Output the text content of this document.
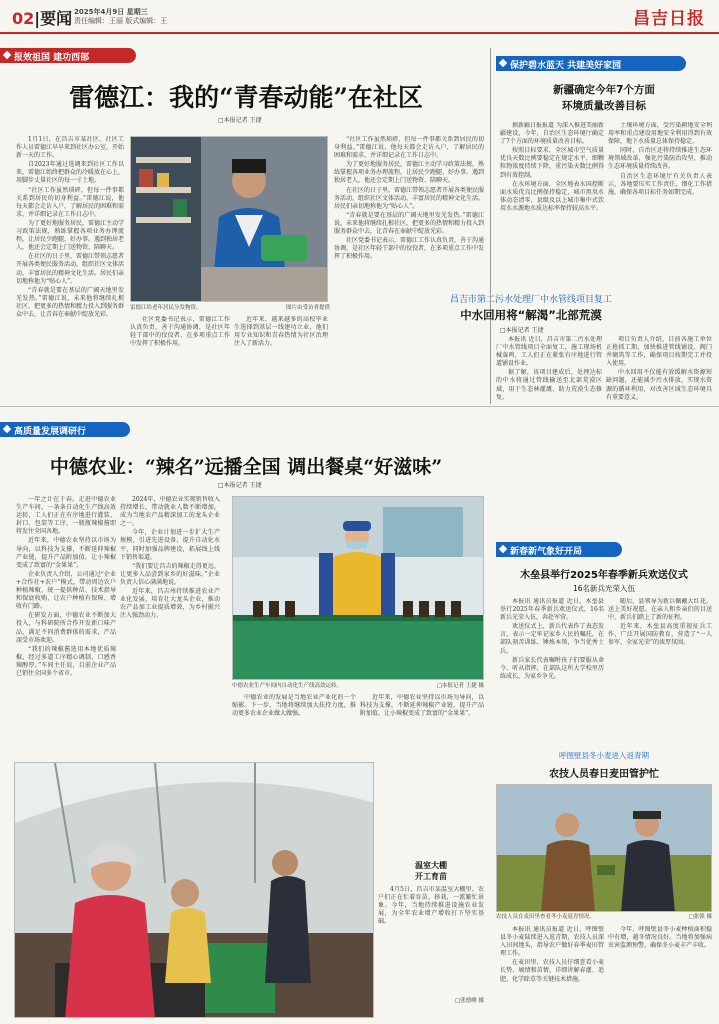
02|要闻 2025年4月9日 星期三
责任编辑：王丽 版式编辑：王	昌吉日报
报效祖国 建功西部
雷德江：我的“青春动能”在社区
□本报记者 王捷

1月1日，在昌吉市某社区，社区工作人员雷德江早早来到社区办公室，开始新一天的工作。

自2023年通过选调来到社区工作以来，雷德江始终把群众的冷暖放在心上，用脚步丈量社区的每一寸土地。

“社区工作虽然琐碎，但每一件事都关系到居民的切身利益。”雷德江说，他每天都会走访入户，了解居民的困难和需求，并详细记录在工作日志中。

为了更好地服务居民，雷德江主动学习政策法规，熟练掌握各项业务办理流程，让居民少跑腿、好办事。遇到独居老人，他还会定期上门送物资、陪聊天。

在社区的日子里，雷德江带领志愿者开展各类便民服务活动，组织社区文体活动，丰富居民的精神文化生活。居民们亲切地称他为“贴心人”。

“青春就是要在基层的广阔天地里发光发热。”雷德江说，未来他将继续扎根社区，把更多的热情和精力投入到服务群众中去，让青春在奉献中绽放光彩。

雷德江给老年居民分发物资。	图片由受访者提供

社区党委书记表示，雷德江工作认真负责，善于沟通协调，是社区年轻干部中的佼佼者，在多项重点工作中发挥了积极作用。

近年来，越来越多的高校毕业生选择到基层一线建功立业，他们用专业知识和青春热情为社区治理注入了新活力。

“社区工作虽然琐碎，但每一件事都关系到居民的切身利益。”雷德江说，他每天都会走访入户，了解居民的困难和需求，并详细记录在工作日志中。

为了更好地服务居民，雷德江主动学习政策法规，熟练掌握各项业务办理流程，让居民少跑腿、好办事。遇到独居老人，他还会定期上门送物资、陪聊天。

在社区的日子里，雷德江带领志愿者开展各类便民服务活动，组织社区文体活动，丰富居民的精神文化生活。居民们亲切地称他为“贴心人”。

“青春就是要在基层的广阔天地里发光发热。”雷德江说，未来他将继续扎根社区，把更多的热情和精力投入到服务群众中去，让青春在奉献中绽放光彩。

社区党委书记表示，雷德江工作认真负责，善于沟通协调，是社区年轻干部中的佼佼者，在多项重点工作中发挥了积极作用。

保护碧水蓝天 共建美好家园
新疆确定今年7个方面
环境质量改善目标

据新疆日报报道 为深入推进美丽新疆建设，今年，自治区生态环境厅确定了7个方面的环境质量改善目标。

按照目标要求，全区城市空气质量优良天数比例要稳定在规定水平，细颗粒物浓度持续下降，重污染天数比例得到有效控制。

在水环境方面，全区地表水国控断面水质优良比例保持稳定，城市黑臭水体动态清零，县级及以上城市集中式饮用水水源地水质达标率保持较高水平。

土壤环境方面，受污染耕地安全利用率和重点建设用地安全利用得到有效保障，地下水质量总体保持稳定。

同时，自治区还将持续推进生态环境领域改革，强化污染防治攻坚，推动生态环境质量持续改善。

自治区生态环境厅有关负责人表示，各地要压实工作责任，细化工作措施，确保各项目标任务如期完成。

昌吉市第二污水处理厂中水管线项目复工
中水回用将“解渴”北部荒漠
□本报记者 王捷

本报讯 近日，昌吉市第二污水处理厂中水管线项目全面复工，施工现场机械轰鸣，工人们正在紧张有序地进行管道铺设作业。

据了解，该项目建成后，处理达标的中水将通过管线输送至北部荒漠区域，用于生态林灌溉，助力荒漠生态修复。

项目负责人介绍，目前各施工单位正抢抓工期，加快推进管线铺设、阀门井砌筑等工作，确保项目按期完工并投入使用。

中水回用不仅能有效缓解水资源短缺问题，还能减少污水排放，实现水资源的循环利用，对改善区域生态环境具有重要意义。

高质量发展调研行
中德农业：“辣名”远播全国 调出餐桌“好滋味”
□本报记者 王捷

一年之计在于春。走进中德农业生产车间，一条条自动化生产线高效运转，工人们正在有序地进行灌装、封口、包装等工序，一瓶瓶辣椒酱即将发往全国各地。

近年来，中德农业坚持以市场为导向，以科技为支撑，不断延伸辣椒产业链，提升产品附加值，让小辣椒变成了致富的“金果果”。

企业负责人介绍，公司通过“企业+合作社+农户”模式，带动周边农户种植辣椒，统一提供种苗、技术指导和保底收购，让农户种植有保障、增收有门路。

在研发方面，中德农业不断加大投入，与科研院所合作开发新口味产品，满足不同消费群体的需求，产品深受市场欢迎。

“我们的辣椒酱选用本地优质辣椒，经过多道工序精心调制，口感香辣醇厚。”车间主任说，目前企业产品已销往全国多个省市。

2024年，中德农业实现销售收入持续增长，带动就业人数不断增加，成为当地农产品精深加工的龙头企业之一。

今年，企业计划进一步扩大生产规模，引进先进设备，提升自动化水平，同时加强品牌建设，拓展线上线下销售渠道。

“我们要让昌吉的辣椒走得更远，让更多人品尝到家乡的好滋味。”企业负责人信心满满地说。

近年来，昌吉州持续推进农业产业化发展，培育壮大龙头企业，推动农产品加工业提质增效，为乡村振兴注入强劲动力。

中德农业生产车间内自动化生产线高效运转。	□本报记者 王捷 摄

中德农业的发展是当地农业产业化的一个缩影。下一步，当地将继续加大扶持力度，推动更多农业企业做大做强。

近年来，中德农业坚持以市场为导向，以科技为支撑，不断延伸辣椒产业链，提升产品附加值，让小辣椒变成了致富的“金果果”。

新春新气象好开局
木垒县举行2025年春季新兵欢送仪式
16名新兵光荣入伍

本报讯 通讯员报道 近日，木垒县举行2025年春季新兵欢送仪式，16名新兵光荣入伍，奔赴军营。

欢送仪式上，新兵代表作了表态发言，表示一定牢记家乡人民的嘱托，在部队刻苦训练、锤炼本领，争当优秀士兵。

新兵家长代表嘱咐孩子们要服从命令、听从指挥，在部队这所大学校里历练成长，为家乡争光。

随后，县领导为新兵佩戴大红花，送上美好祝愿。在亲人和乡亲们的目送中，新兵们踏上了新的征程。

近年来，木垒县高度重视征兵工作，广泛开展国防教育，营造了“一人参军、全家光荣”的浓厚氛围。

温室大棚
开工育苗

4月5日，昌吉市某温室大棚里，农户们正在忙着育苗、移栽，一派繁忙景象。今年，当地持续推进设施农业发展，为全年农业增产增收打下坚实基础。

□张德峰 摄
呼图壁县冬小麦进入返青期
农技人员春日麦田管护忙
农技人员在麦田里查看冬小麦返青情况。	□张强 摄

本报讯 通讯员报道 近日，呼图壁县冬小麦陆续进入返青期，农技人员深入田间地头，指导农户做好春季麦田管理工作。

在麦田里，农技人员仔细查看小麦长势、墒情和苗情，详细讲解春灌、追肥、化学除草等关键技术措施。

今年，呼图壁县冬小麦种植面积稳中有增，越冬情况良好。当地将加强病虫害监测预警，确保冬小麦丰产丰收。
